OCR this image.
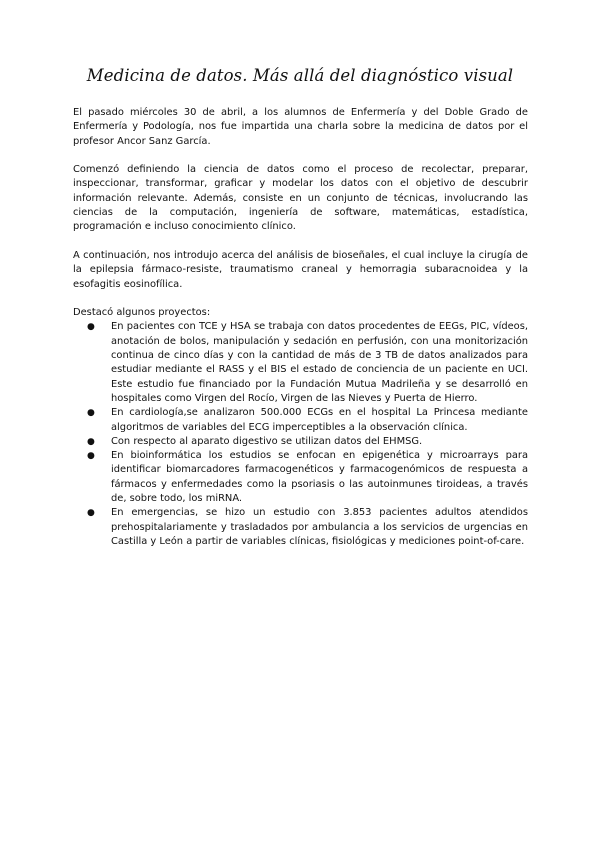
Medicina de datos. Más allá del diagnóstico visual

El pasado miércoles 30 de abril, a los alumnos de Enfermería y del Doble Grado de Enfermería y Podología, nos fue impartida una charla sobre la medicina de datos por el profesor Ancor Sanz García.

Comenzó definiendo la ciencia de datos como el proceso de recolectar, preparar, inspeccionar, transformar, graficar y modelar los datos con el objetivo de descubrir información relevante. Además, consiste en un conjunto de técnicas, involucrando las ciencias de la computación, ingeniería de software, matemáticas, estadística, programación e incluso conocimiento clínico.

A continuación, nos introdujo acerca del análisis de bioseñales, el cual incluye la cirugía de la epilepsia fármaco-resiste, traumatismo craneal y hemorragia subaracnoidea y la esofagitis eosinofílica.

Destacó algunos proyectos:

● En pacientes con TCE y HSA se trabaja con datos procedentes de EEGs, PIC, vídeos, anotación de bolos, manipulación y sedación en perfusión, con una monitorización continua de cinco días y con la cantidad de más de 3 TB de datos analizados para estudiar mediante el RASS y el BIS el estado de conciencia de un paciente en UCI. Este estudio fue financiado por la Fundación Mutua Madrileña y se desarrolló en hospitales como Virgen del Rocío, Virgen de las Nieves y Puerta de Hierro.
● En cardiología,se analizaron 500.000 ECGs en el hospital La Princesa mediante algoritmos de variables del ECG imperceptibles a la observación clínica.
● Con respecto al aparato digestivo se utilizan datos del EHMSG.
● En bioinformática los estudios se enfocan en epigenética y microarrays para identificar biomarcadores farmacogenéticos y farmacogenómicos de respuesta a fármacos y enfermedades como la psoriasis o las autoinmunes tiroideas, a través de, sobre todo, los miRNA.
● En emergencias, se hizo un estudio con 3.853 pacientes adultos atendidos prehospitalariamente y trasladados por ambulancia a los servicios de urgencias en Castilla y León a partir de variables clínicas, fisiológicas y mediciones point-of-care.
